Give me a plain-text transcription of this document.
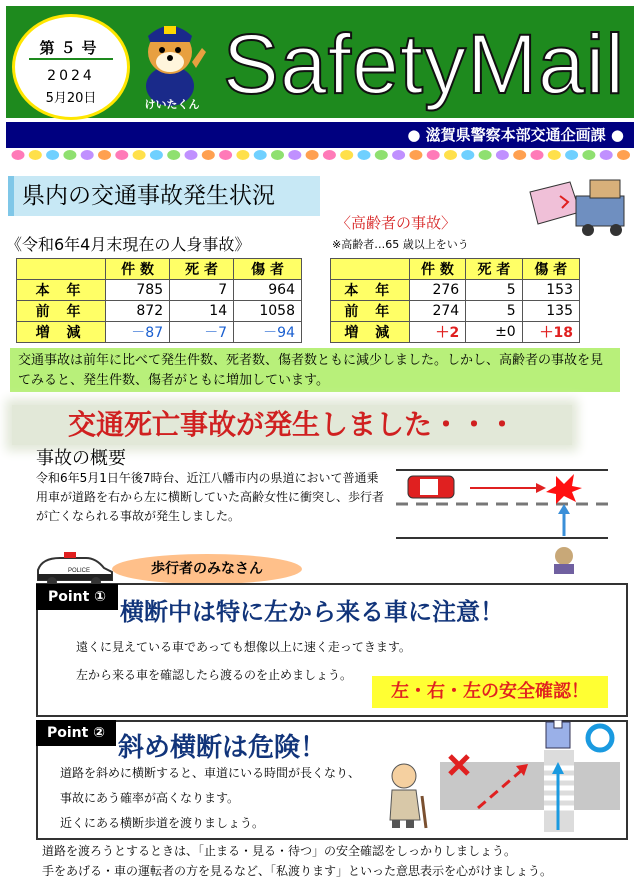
第５号
2024
5月20日	けいたくん SafetyMail
● 滋賀県警察本部交通企画課 ●
県内の交通事故発生状況
《令和6年4月末現在の人身事故》
〈高齢者の事故〉
※高齢者…65 歳以上をいう
	件 数	死 者	傷 者
本 年	785	7	964
前 年	872	14	1058
増 減	－87	－7	－94
	件 数	死 者	傷 者
本 年	276	5	153
前 年	274	5	135
増 減	＋2	±0	＋18
交通事故は前年に比べて発生件数、死者数、傷者数ともに減少しました。しかし、高齢者の事故を見てみると、発生件数、傷者がともに増加しています。
交通死亡事故が発生しました・・・
事故の概要
令和6年5月1日午後7時台、近江八幡市内の県道において普通乗用車が道路を右から左に横断していた高齢女性に衝突し、歩行者が亡くなられる事故が発生しました。
POLICE	歩行者のみなさん
Point ①
横断中は特に左から来る車に注意！
遠くに見えている車であっても想像以上に速く走ってきます。
左から来る車を確認したら渡るのを止めましょう。
左・右・左の安全確認！
Point ② 斜め横断は危険！
道路を斜めに横断すると、車道にいる時間が長くなり、
事故にあう確率が高くなります。
近くにある横断歩道を渡りましょう。
道路を渡ろうとするときは、「止まる・見る・待つ」の安全確認をしっかりしましょう。
手をあげる・車の運転者の方を見るなど、「私渡ります」といった意思表示を心がけましょう。
